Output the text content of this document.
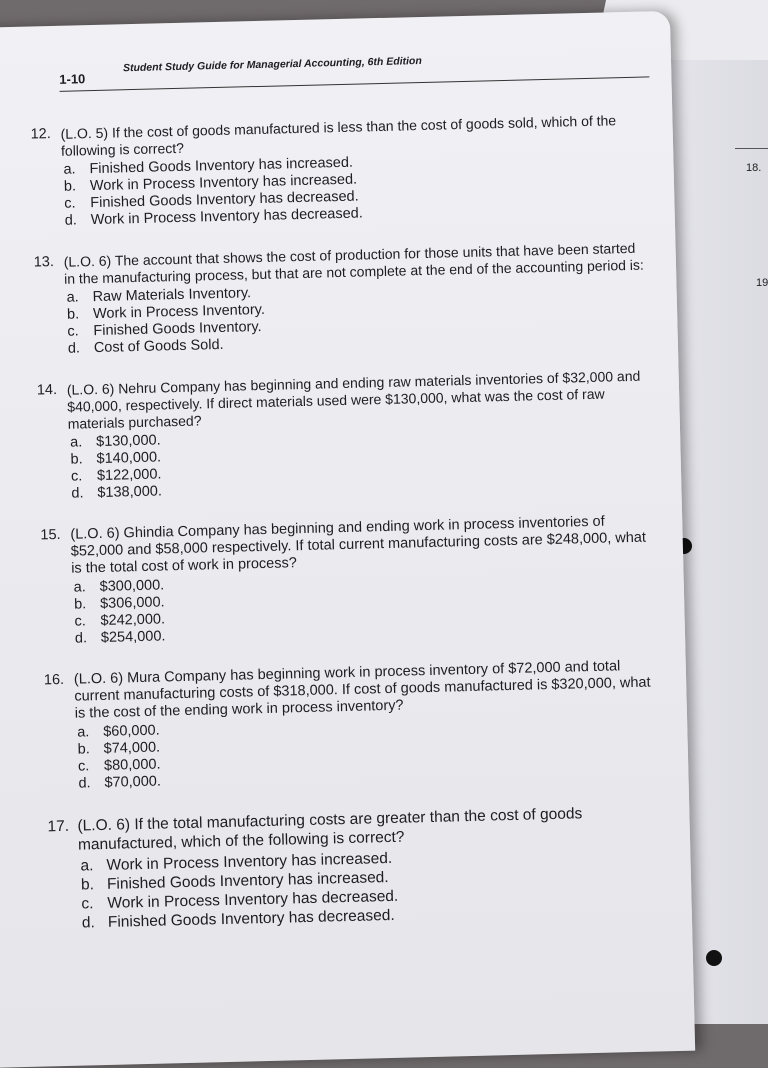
18.
19
1-10
Student Study Guide for Managerial Accounting, 6th Edition
12. (L.O. 5) If the cost of goods manufactured is less than the cost of goods sold, which of the following is correct?

a. Finished Goods Inventory has increased.
b. Work in Process Inventory has increased.
c. Finished Goods Inventory has decreased.
d. Work in Process Inventory has decreased.
13. (L.O. 6) The account that shows the cost of production for those units that have been started in the manufacturing process, but that are not complete at the end of the accounting period is:

a. Raw Materials Inventory.
b. Work in Process Inventory.
c. Finished Goods Inventory.
d. Cost of Goods Sold.
14. (L.O. 6) Nehru Company has beginning and ending raw materials inventories of $32,000 and $40,000, respectively. If direct materials used were $130,000, what was the cost of raw materials purchased?

a. $130,000.
b. $140,000.
c. $122,000.
d. $138,000.
15. (L.O. 6) Ghindia Company has beginning and ending work in process inventories of $52,000 and $58,000 respectively. If total current manufacturing costs are $248,000, what is the total cost of work in process?

a. $300,000.
b. $306,000.
c. $242,000.
d. $254,000.
16. (L.O. 6) Mura Company has beginning work in process inventory of $72,000 and total current manufacturing costs of $318,000. If cost of goods manufactured is $320,000, what is the cost of the ending work in process inventory?

a. $60,000.
b. $74,000.
c. $80,000.
d. $70,000.
17. (L.O. 6) If the total manufacturing costs are greater than the cost of goods manufactured, which of the following is correct?

a. Work in Process Inventory has increased.
b. Finished Goods Inventory has increased.
c. Work in Process Inventory has decreased.
d. Finished Goods Inventory has decreased.
